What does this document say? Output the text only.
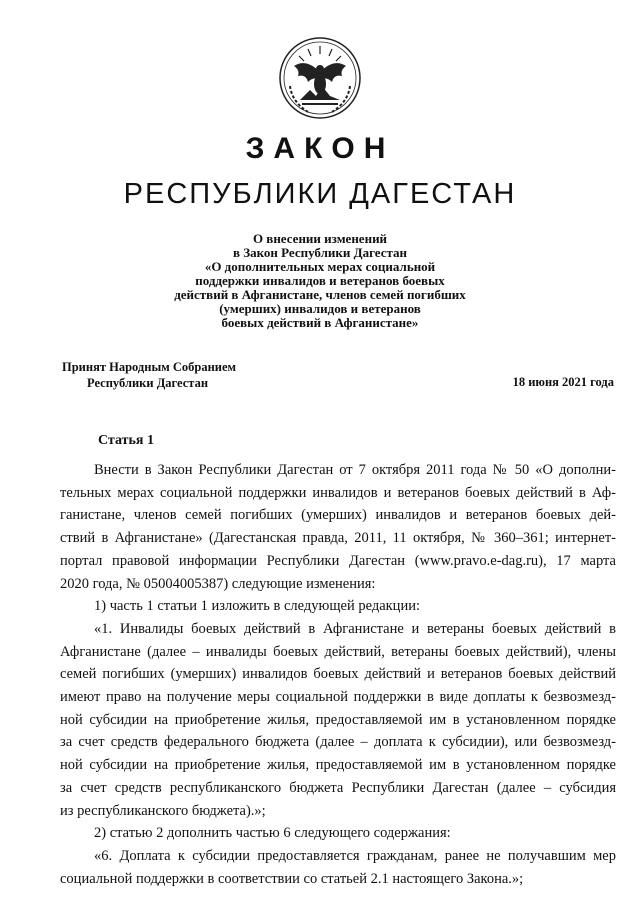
ЗАКОН
РЕСПУБЛИКИ ДАГЕСТАН
О внесении изменений
в Закон Республики Дагестан
«О дополнительных мерах социальной
поддержки инвалидов и ветеранов боевых
действий в Афганистане, членов семей погибших
(умерших) инвалидов и ветеранов
боевых действий в Афганистане»
Принят Народным Собранием
Республики Дагестан	18 июня 2021 года
Статья 1
Внести в Закон Республики Дагестан от 7 октября 2011 года № 50 «О дополни-
тельных мерах социальной поддержки инвалидов и ветеранов боевых действий в Аф-
ганистане, членов семей погибших (умерших) инвалидов и ветеранов боевых дей-
ствий в Афганистане» (Дагестанская правда, 2011, 11 октября, № 360–361; интернет-
портал правовой информации Республики Дагестан (www.pravo.e-dag.ru), 17 марта
2020 года, № 05004005387) следующие изменения:
1) часть 1 статьи 1 изложить в следующей редакции:
«1. Инвалиды боевых действий в Афганистане и ветераны боевых действий в
Афганистане (далее – инвалиды боевых действий, ветераны боевых действий), члены
семей погибших (умерших) инвалидов боевых действий и ветеранов боевых действий
имеют право на получение меры социальной поддержки в виде доплаты к безвозмезд-
ной субсидии на приобретение жилья, предоставляемой им в установленном порядке
за счет средств федерального бюджета (далее – доплата к субсидии), или безвозмезд-
ной субсидии на приобретение жилья, предоставляемой им в установленном порядке
за счет средств республиканского бюджета Республики Дагестан (далее – субсидия
из республиканского бюджета).»;
2) статью 2 дополнить частью 6 следующего содержания:
«6. Доплата к субсидии предоставляется гражданам, ранее не получавшим мер
социальной поддержки в соответствии со статьей 2.1 настоящего Закона.»;
